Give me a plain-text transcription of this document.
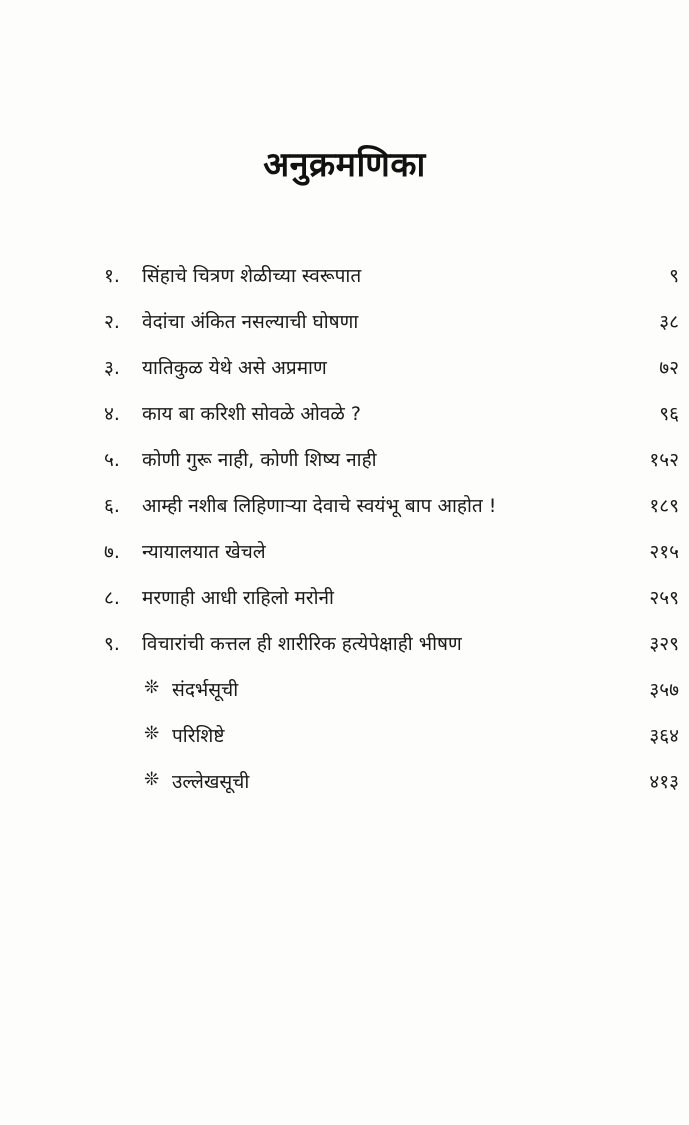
अनुक्रमणिका
१. सिंहाचे चित्रण शेळीच्या स्वरूपात	९
२. वेदांचा अंकित नसल्याची घोषणा	३८
३. यातिकुळ येथे असे अप्रमाण	७२
४. काय बा करिशी सोवळे ओवळे ?	९६
५. कोणी गुरू नाही, कोणी शिष्य नाही	१५२
६. आम्ही नशीब लिहिणाऱ्या देवाचे स्वयंभू बाप आहोत !	१८९
७. न्यायालयात खेचले	२१५
८. मरणाही आधी राहिलो मरोनी	२५९
९. विचारांची कत्तल ही शारीरिक हत्येपेक्षाही भीषण	३२९
❊ संदर्भसूची	३५७
❊ परिशिष्टे	३६४
❊ उल्लेखसूची	४१३
